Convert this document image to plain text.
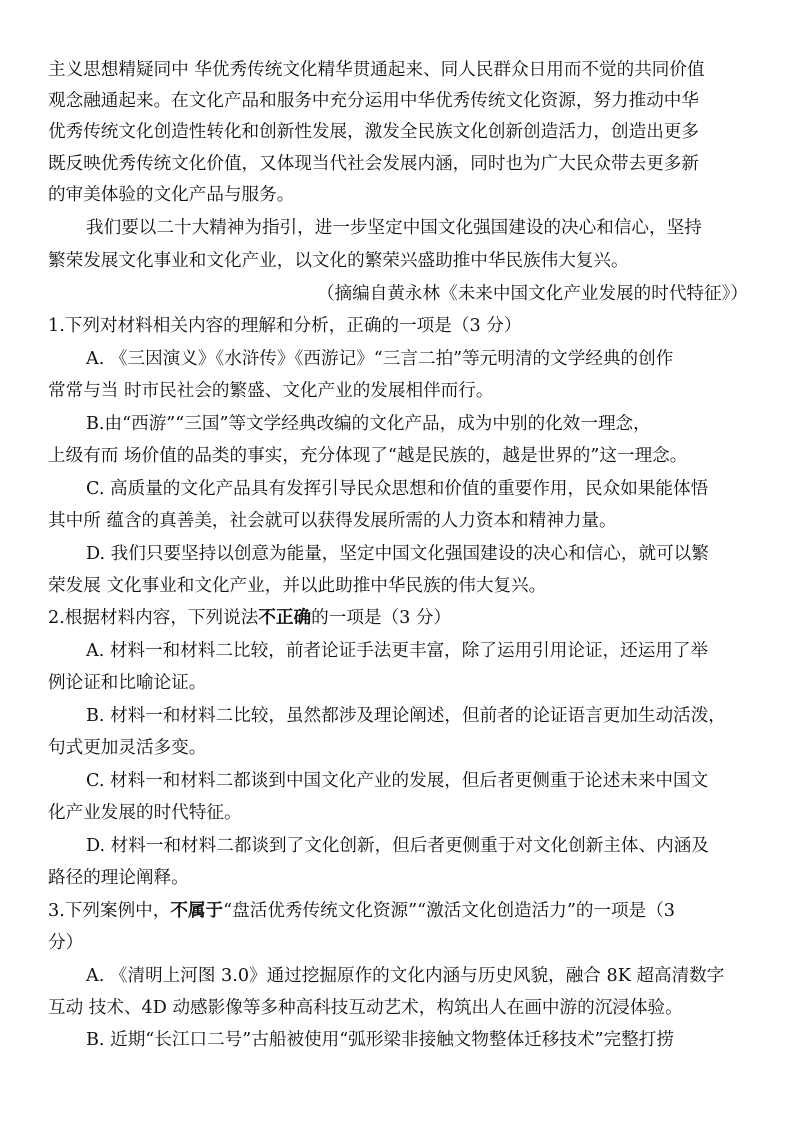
主义思想精疑同中 华优秀传统文化精华贯通起来、同人民群众日用而不觉的共同价值
观念融通起来。在文化产品和服务中充分运用中华优秀传统文化资源，努力推动中华
优秀传统文化创造性转化和创新性发展，激发全民族文化创新创造活力，创造出更多
既反映优秀传统文化价值，又体现当代社会发展内涵，同时也为广大民众带去更多新
的审美体验的文化产品与服务。
我们要以二十大精神为指引，进一步坚定中国文化强国建设的决心和信心，坚持
繁荣发展文化事业和文化产业，以文化的繁荣兴盛助推中华民族伟大复兴。
（摘编自黄永林《未来中国文化产业发展的时代特征》）
1.下列对材料相关内容的理解和分析，正确的一项是（3 分）
A. 《三因演义》《水浒传》《西游记》“三言二拍”等元明清的文学经典的创作
常常与当 时市民社会的繁盛、文化产业的发展相伴而行。
B.由“西游”“三国”等文学经典改编的文化产品，成为中别的化效一理念，
上级有而 场价值的品类的事实，充分体现了“越是民族的，越是世界的”这一理念。
C. 高质量的文化产品具有发挥引导民众思想和价值的重要作用，民众如果能体悟
其中所 蕴含的真善美，社会就可以获得发展所需的人力资本和精神力量。
D. 我们只要坚持以创意为能量，坚定中国文化强国建设的决心和信心，就可以繁
荣发展 文化事业和文化产业，并以此助推中华民族的伟大复兴。
2.根据材料内容，下列说法不正确的一项是（3 分）
A. 材料一和材料二比较，前者论证手法更丰富，除了运用引用论证，还运用了举
例论证和比喻论证。
B. 材料一和材料二比较，虽然都涉及理论阐述，但前者的论证语言更加生动活泼，
句式更加灵活多变。
C. 材料一和材料二都谈到中国文化产业的发展，但后者更侧重于论述未来中国文
化产业发展的时代特征。
D. 材料一和材料二都谈到了文化创新，但后者更侧重于对文化创新主体、内涵及
路径的理论阐释。
3.下列案例中，不属于“盘活优秀传统文化资源”“激活文化创造活力”的一项是（3
分）
A. 《清明上河图 3.0》通过挖掘原作的文化内涵与历史风貌，融合 8K 超高清数字
互动 技术、4D 动感影像等多种高科技互动艺术，构筑出人在画中游的沉浸体验。
B. 近期“长江口二号”古船被使用“弧形梁非接触文物整体迁移技术”完整打捞
